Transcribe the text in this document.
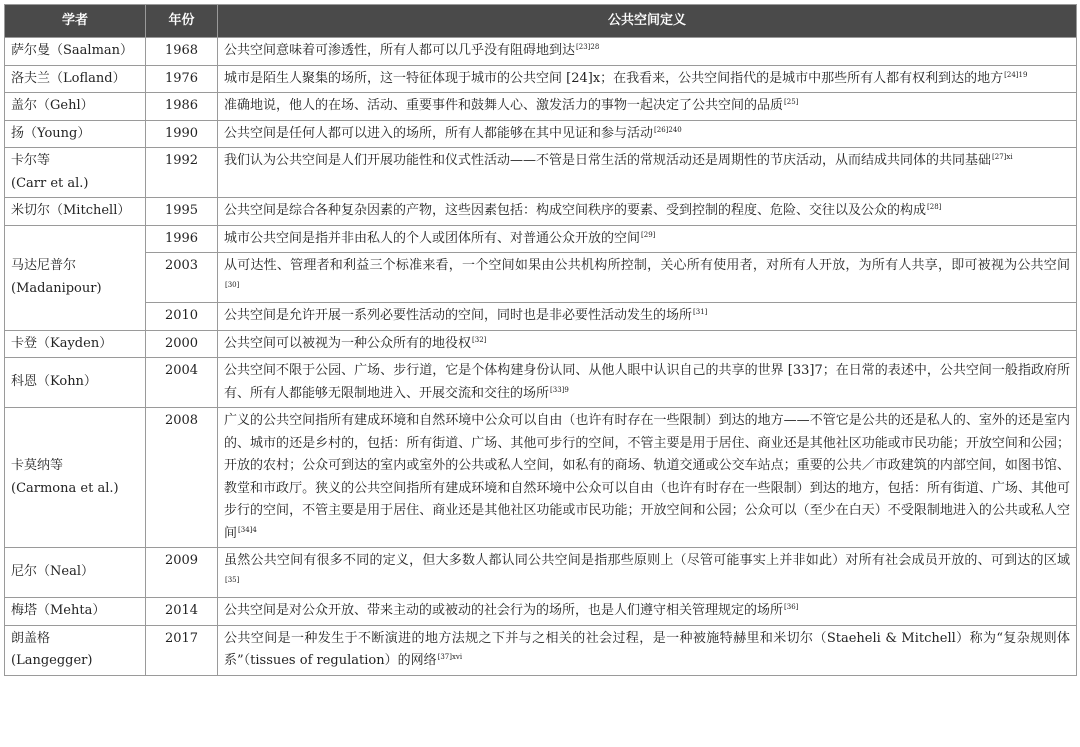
学者	年份	公共空间定义
萨尔曼（Saalman）	1968	公共空间意味着可渗透性，所有人都可以几乎没有阻碍地到达$^{[23]28}$
洛夫兰（Lofland）	1976	城市是陌生人聚集的场所，这一特征体现于城市的公共空间 [24]x；在我看来，公共空间指代的是城市中那些所有人都有权利到达的地方$^{[24]19}$
盖尔（Gehl）	1986	准确地说，他人的在场、活动、重要事件和鼓舞人心、激发活力的事物一起决定了公共空间的品质[25]
扬（Young）	1990	公共空间是任何人都可以进入的场所，所有人都能够在其中见证和参与活动$^{[26]240}$
卡尔等
(Carr et al.)	1992	我们认为公共空间是人们开展功能性和仪式性活动——不管是日常生活的常规活动还是周期性的节庆活动，从而结成共同体的共同基础$^{[27]xi}$
米切尔（Mitchell）	1995	公共空间是综合各种复杂因素的产物，这些因素包括：构成空间秩序的要素、受到控制的程度、危险、交往以及公众的构成[28]
马达尼普尔
(Madanipour)	1996	城市公共空间是指并非由私人的个人或团体所有、对普通公众开放的空间[29]
	2003	从可达性、管理者和利益三个标准来看，一个空间如果由公共机构所控制，关心所有使用者，对所有人开放，为所有人共享，即可被视为公共空间[30]
	2010	公共空间是允许开展一系列必要性活动的空间，同时也是非必要性活动发生的场所[31]
卡登（Kayden）	2000	公共空间可以被视为一种公众所有的地役权[32]
科恩（Kohn）	2004	公共空间不限于公园、广场、步行道，它是个体构建身份认同、从他人眼中认识自己的共享的世界 [33]7；在日常的表述中，公共空间一般指政府所有、所有人都能够无限制地进入、开展交流和交往的场所$^{[33]9}$
卡莫纳等
(Carmona et al.)	2008	广义的公共空间指所有建成环境和自然环境中公众可以自由（也许有时存在一些限制）到达的地方——不管它是公共的还是私人的、室外的还是室内的、城市的还是乡村的，包括：所有街道、广场、其他可步行的空间，不管主要是用于居住、商业还是其他社区功能或市民功能；开放空间和公园；开放的农村；公众可到达的室内或室外的公共或私人空间，如私有的商场、轨道交通或公交车站点；重要的公共／市政建筑的内部空间，如图书馆、教堂和市政厅。狭义的公共空间指所有建成环境和自然环境中公众可以自由（也许有时存在一些限制）到达的地方，包括：所有街道、广场、其他可步行的空间，不管主要是用于居住、商业还是其他社区功能或市民功能；开放空间和公园；公众可以（至少在白天）不受限制地进入的公共或私人空间$^{[34]4}$
尼尔（Neal）	2009	虽然公共空间有很多不同的定义，但大多数人都认同公共空间是指那些原则上（尽管可能事实上并非如此）对所有社会成员开放的、可到达的区域[35]
梅塔（Mehta）	2014	公共空间是对公众开放、带来主动的或被动的社会行为的场所，也是人们遵守相关管理规定的场所[36]
朗盖格
(Langegger)	2017	公共空间是一种发生于不断演进的地方法规之下并与之相关的社会过程，是一种被施特赫里和米切尔（Staeheli & Mitchell）称为“复杂规则体系”（tissues of regulation）的网络$^{[37]xvi}$
